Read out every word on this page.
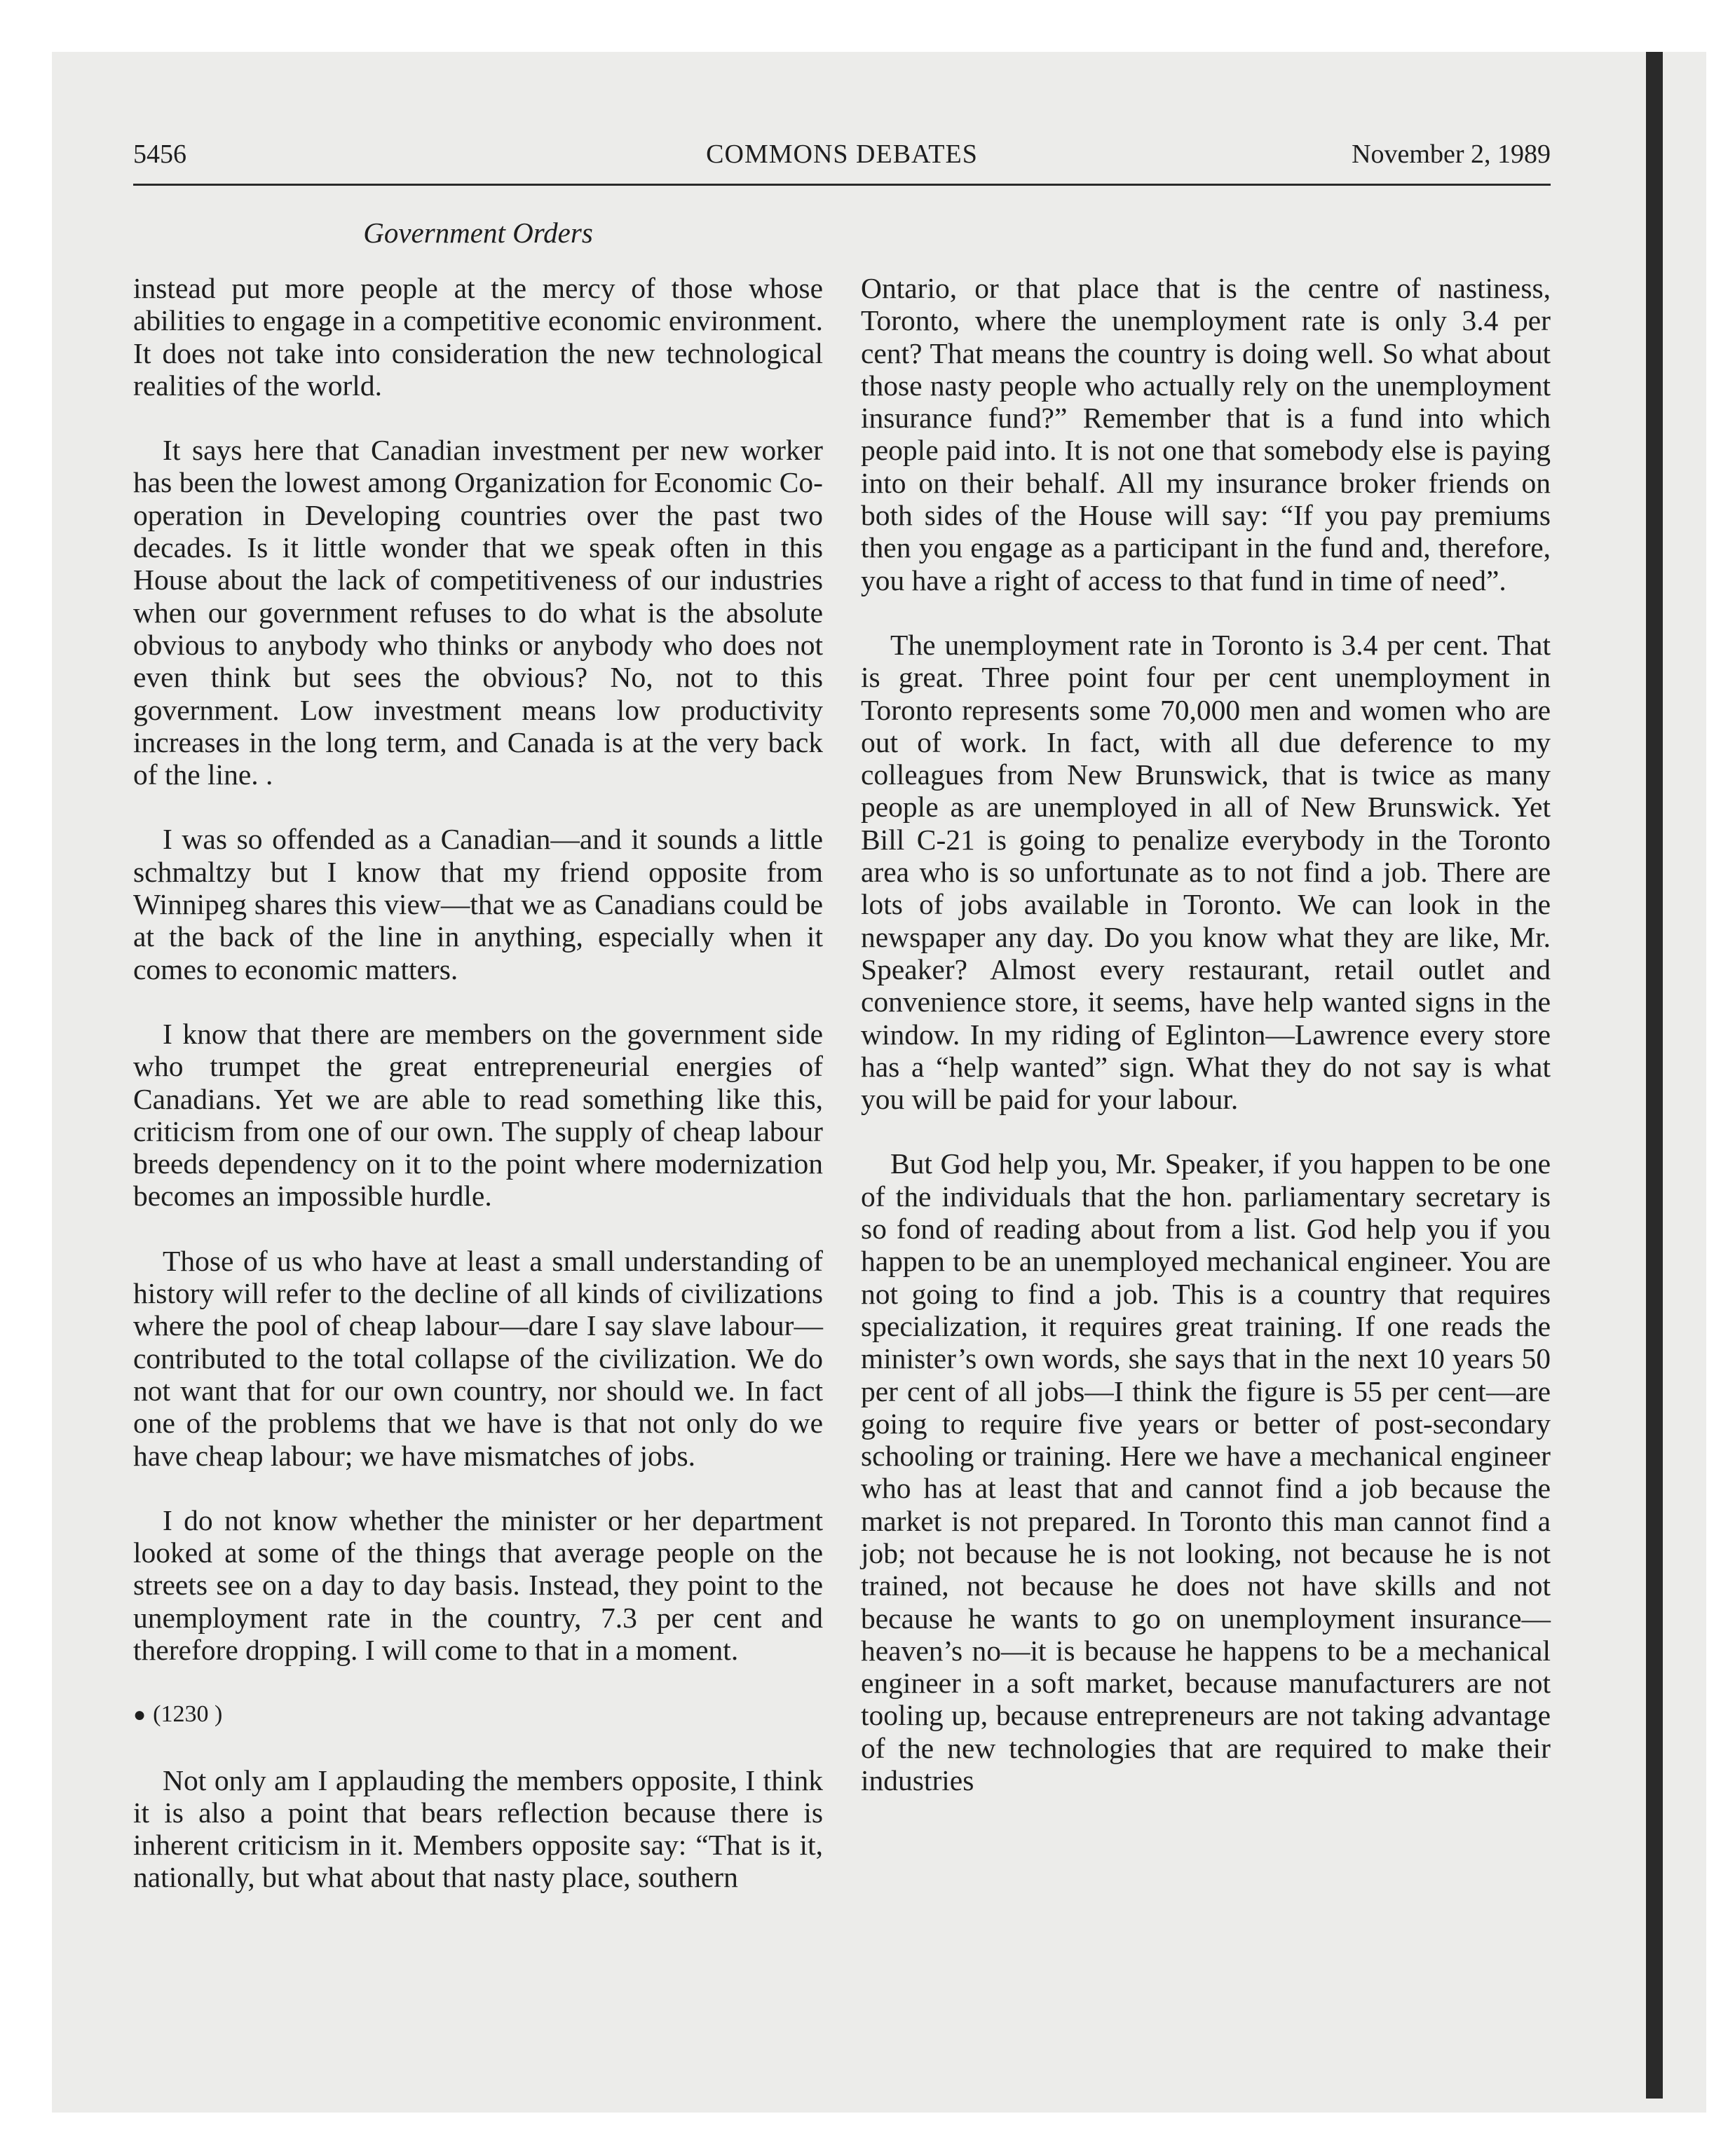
5456	COMMONS DEBATES	November 2, 1989
Government Orders

instead put more people at the mercy of those whose abilities to engage in a competitive economic environment. It does not take into consideration the new technological realities of the world.

It says here that Canadian investment per new worker has been the lowest among Organization for Economic Co-operation in Developing countries over the past two decades. Is it little wonder that we speak often in this House about the lack of competitiveness of our industries when our government refuses to do what is the absolute obvious to anybody who thinks or anybody who does not even think but sees the obvious? No, not to this government. Low investment means low productivity increases in the long term, and Canada is at the very back of the line. .

I was so offended as a Canadian—and it sounds a little schmaltzy but I know that my friend opposite from Winnipeg shares this view—that we as Canadians could be at the back of the line in anything, especially when it comes to economic matters.

I know that there are members on the government side who trumpet the great entrepreneurial energies of Canadians. Yet we are able to read something like this, criticism from one of our own. The supply of cheap labour breeds dependency on it to the point where modernization becomes an impossible hurdle.

Those of us who have at least a small understanding of history will refer to the decline of all kinds of civilizations where the pool of cheap labour—dare I say slave labour—contributed to the total collapse of the civilization. We do not want that for our own country, nor should we. In fact one of the problems that we have is that not only do we have cheap labour; we have mismatches of jobs.

I do not know whether the minister or her department looked at some of the things that average people on the streets see on a day to day basis. Instead, they point to the unemployment rate in the country, 7.3 per cent and therefore dropping. I will come to that in a moment.

● (1230 )

Not only am I applauding the members opposite, I think it is also a point that bears reflection because there is inherent criticism in it. Members opposite say: “That is it, nationally, but what about that nasty place, southern

Ontario, or that place that is the centre of nastiness, Toronto, where the unemployment rate is only 3.4 per cent? That means the country is doing well. So what about those nasty people who actually rely on the unemployment insurance fund?” Remember that is a fund into which people paid into. It is not one that somebody else is paying into on their behalf. All my insurance broker friends on both sides of the House will say: “If you pay premiums then you engage as a participant in the fund and, therefore, you have a right of access to that fund in time of need”.

The unemployment rate in Toronto is 3.4 per cent. That is great. Three point four per cent unemployment in Toronto represents some 70,000 men and women who are out of work. In fact, with all due deference to my colleagues from New Brunswick, that is twice as many people as are unemployed in all of New Brunswick. Yet Bill C-21 is going to penalize everybody in the Toronto area who is so unfortunate as to not find a job. There are lots of jobs available in Toronto. We can look in the newspaper any day. Do you know what they are like, Mr. Speaker? Almost every restaurant, retail outlet and convenience store, it seems, have help wanted signs in the window. In my riding of Eglinton—Lawrence every store has a “help wanted” sign. What they do not say is what you will be paid for your labour.

But God help you, Mr. Speaker, if you happen to be one of the individuals that the hon. parliamentary secretary is so fond of reading about from a list. God help you if you happen to be an unemployed mechanical engineer. You are not going to find a job. This is a country that requires specialization, it requires great training. If one reads the minister’s own words, she says that in the next 10 years 50 per cent of all jobs—I think the figure is 55 per cent—are going to require five years or better of post-secondary schooling or training. Here we have a mechanical engineer who has at least that and cannot find a job because the market is not prepared. In Toronto this man cannot find a job; not because he is not looking, not because he is not trained, not because he does not have skills and not because he wants to go on unemployment insurance—heaven’s no—it is because he happens to be a mechanical engineer in a soft market, because manufacturers are not tooling up, because entrepreneurs are not taking advantage of the new technologies that are required to make their industries
